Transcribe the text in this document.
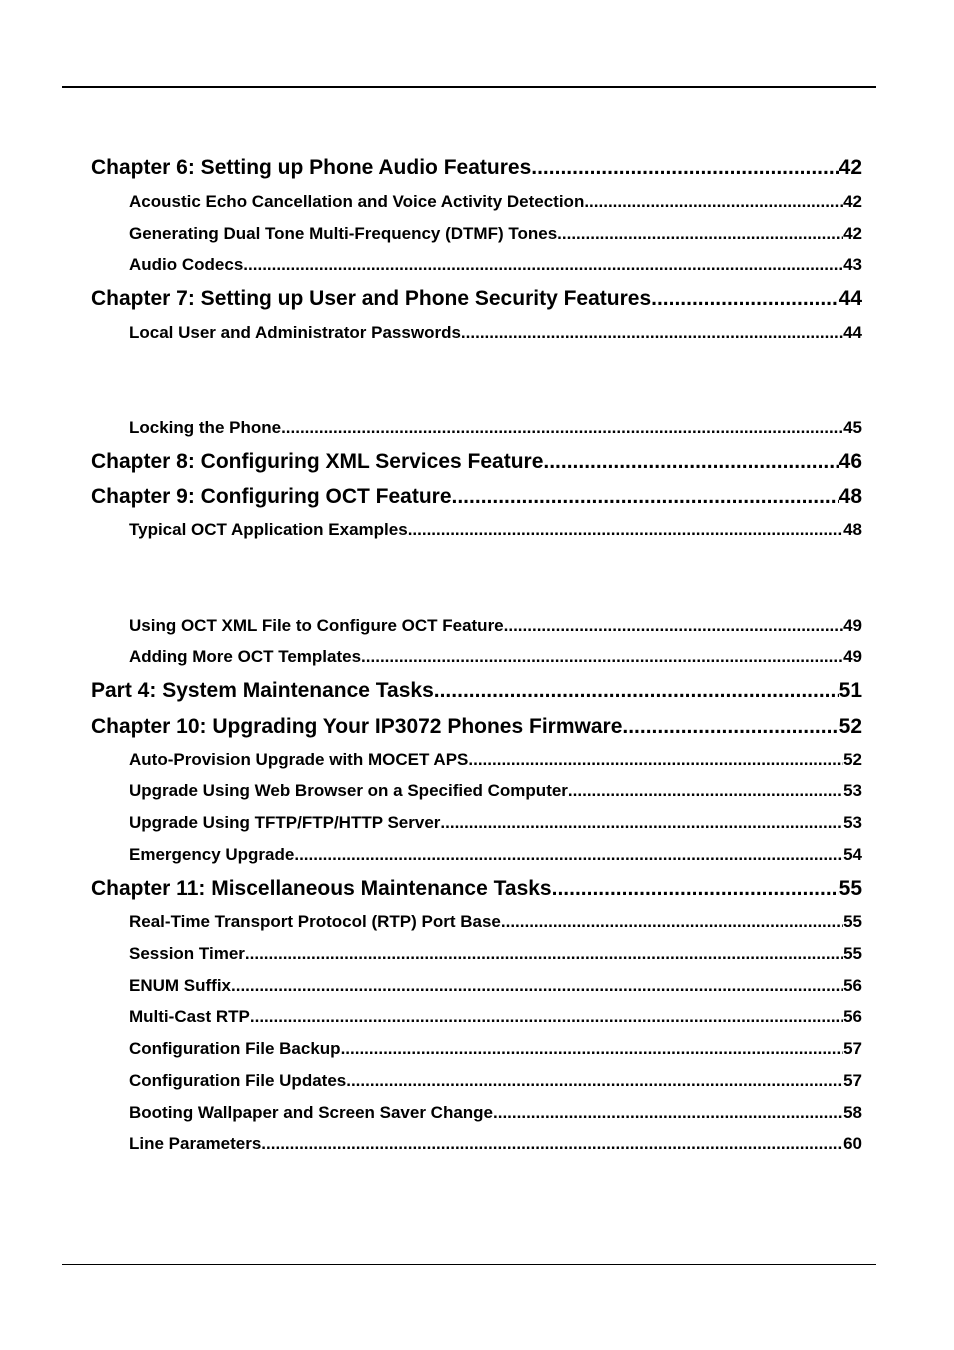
Chapter 6: Setting up Phone Audio Features .....	42
Acoustic Echo Cancellation and Voice Activity Detection .....	42
Generating Dual Tone Multi-Frequency (DTMF) Tones .....	42
Audio Codecs .....	43
Chapter 7: Setting up User and Phone Security Features .....	44
Local User and Administrator Passwords .....	44
Locking the Phone .....	45
Chapter 8: Configuring XML Services Feature .....	46
Chapter 9: Configuring OCT Feature .....	48
Typical OCT Application Examples .....	48
Using OCT XML File to Configure OCT Feature .....	49
Adding More OCT Templates .....	49
Part 4: System Maintenance Tasks .....	51
Chapter 10: Upgrading Your IP3072 Phones Firmware .....	52
Auto-Provision Upgrade with MOCET APS .....	52
Upgrade Using Web Browser on a Specified Computer .....	53
Upgrade Using TFTP/FTP/HTTP Server .....	53
Emergency Upgrade .....	54
Chapter 11: Miscellaneous Maintenance Tasks .....	55
Real-Time Transport Protocol (RTP) Port Base .....	55
Session Timer .....	55
ENUM Suffix .....	56
Multi-Cast RTP .....	56
Configuration File Backup .....	57
Configuration File Updates .....	57
Booting Wallpaper and Screen Saver Change .....	58
Line Parameters .....	60
